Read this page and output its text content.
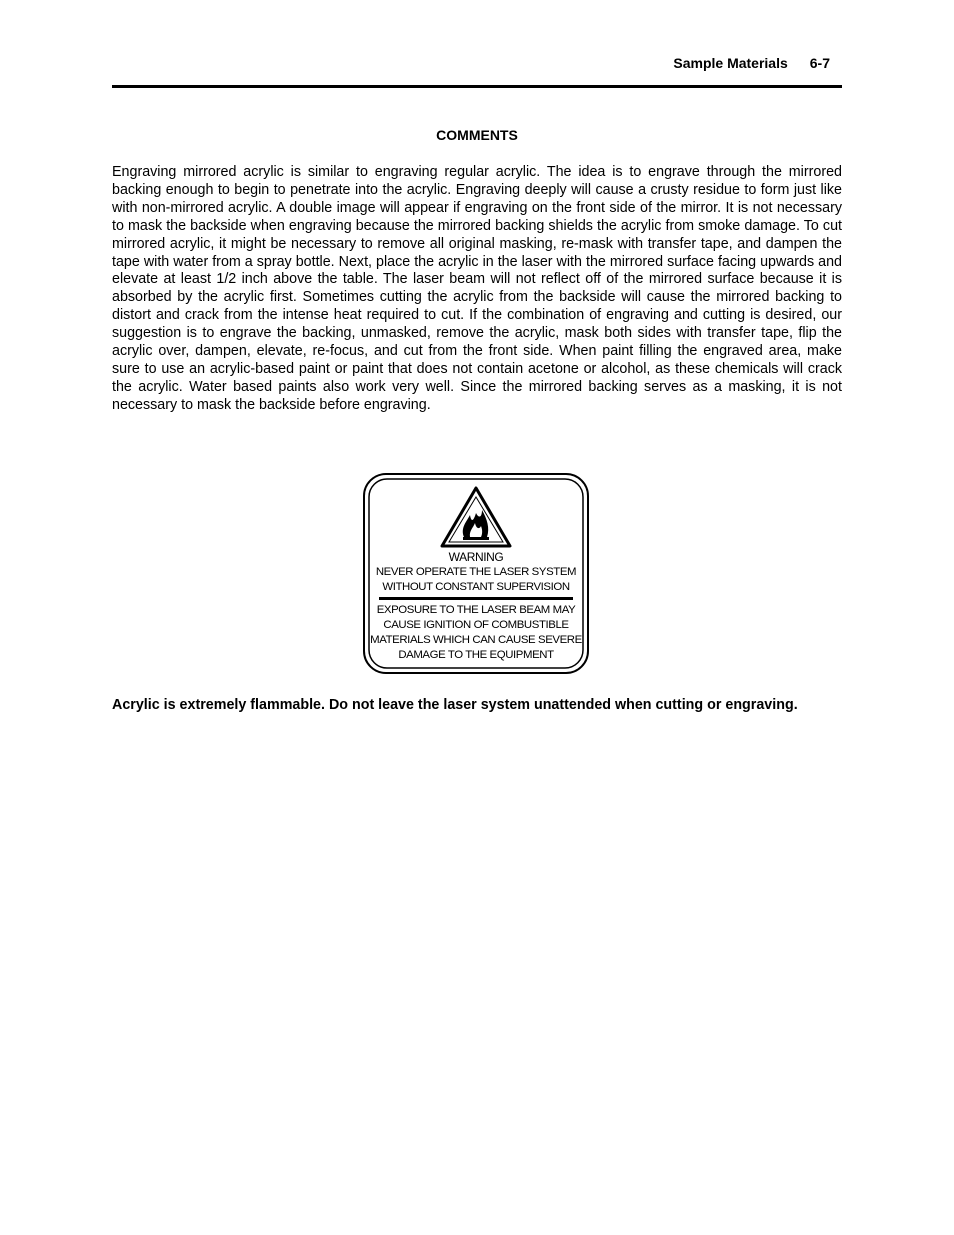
Sample Materials 6-7
COMMENTS
Engraving mirrored acrylic is similar to engraving regular acrylic. The idea is to engrave through the mirrored backing enough to begin to penetrate into the acrylic. Engraving deeply will cause a crusty residue to form just like with non-mirrored acrylic. A double image will appear if engraving on the front side of the mirror. It is not necessary to mask the backside when engraving because the mirrored backing shields the acrylic from smoke damage. To cut mirrored acrylic, it might be necessary to remove all original masking, re-mask with transfer tape, and dampen the tape with water from a spray bottle. Next, place the acrylic in the laser with the mirrored surface facing upwards and elevate at least 1/2 inch above the table. The laser beam will not reflect off of the mirrored surface because it is absorbed by the acrylic first. Sometimes cutting the acrylic from the backside will cause the mirrored backing to distort and crack from the intense heat required to cut. If the combination of engraving and cutting is desired, our suggestion is to engrave the backing, unmasked, remove the acrylic, mask both sides with transfer tape, flip the acrylic over, dampen, elevate, re-focus, and cut from the front side. When paint filling the engraved area, make sure to use an acrylic-based paint or paint that does not contain acetone or alcohol, as these chemicals will crack the acrylic. Water based paints also work very well. Since the mirrored backing serves as a masking, it is not necessary to mask the backside before engraving.
WARNING
NEVER OPERATE THE LASER SYSTEM
WITHOUT CONSTANT SUPERVISION
EXPOSURE TO THE LASER BEAM MAY
CAUSE IGNITION OF COMBUSTIBLE
MATERIALS WHICH CAN CAUSE SEVERE
DAMAGE TO THE EQUIPMENT
Acrylic is extremely flammable. Do not leave the laser system unattended when cutting or engraving.
